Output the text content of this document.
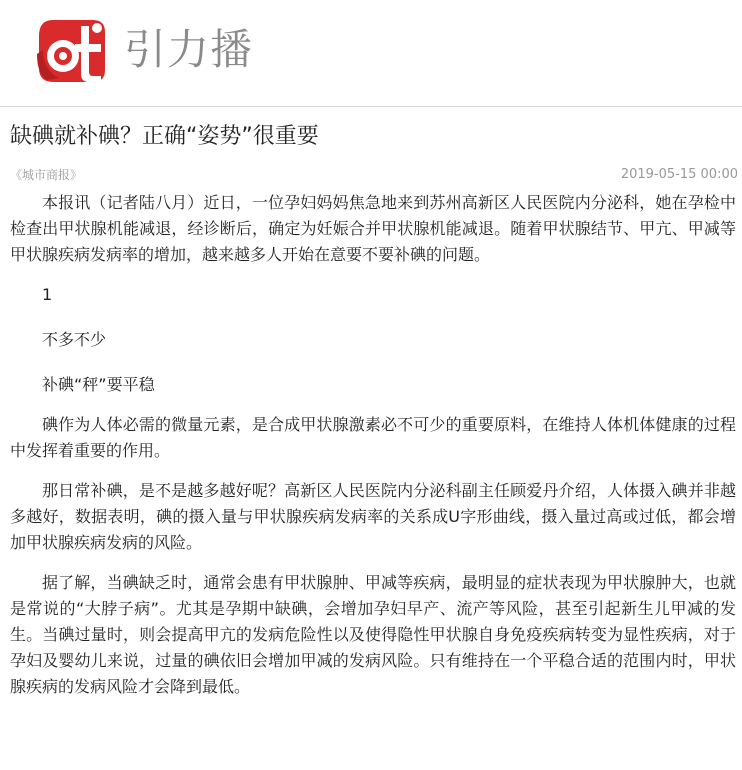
引力播
缺碘就补碘？正确“姿势”很重要
《城市商报》	2019-05-15 00:00

本报讯（记者陆八月）近日，一位孕妇妈妈焦急地来到苏州高新区人民医院内分泌科，她在孕检中检查出甲状腺机能减退，经诊断后，确定为妊娠合并甲状腺机能减退。随着甲状腺结节、甲亢、甲减等甲状腺疾病发病率的增加，越来越多人开始在意要不要补碘的问题。

1

不多不少

补碘“秤”要平稳

碘作为人体必需的微量元素，是合成甲状腺激素必不可少的重要原料，在维持人体机体健康的过程中发挥着重要的作用。

那日常补碘，是不是越多越好呢？高新区人民医院内分泌科副主任顾爱丹介绍，人体摄入碘并非越多越好，数据表明，碘的摄入量与甲状腺疾病发病率的关系成U字形曲线，摄入量过高或过低，都会增加甲状腺疾病发病的风险。

据了解，当碘缺乏时，通常会患有甲状腺肿、甲减等疾病，最明显的症状表现为甲状腺肿大，也就是常说的“大脖子病”。尤其是孕期中缺碘，会增加孕妇早产、流产等风险，甚至引起新生儿甲减的发生。当碘过量时，则会提高甲亢的发病危险性以及使得隐性甲状腺自身免疫疾病转变为显性疾病，对于孕妇及婴幼儿来说，过量的碘依旧会增加甲减的发病风险。只有维持在一个平稳合适的范围内时，甲状腺疾病的发病风险才会降到最低。
